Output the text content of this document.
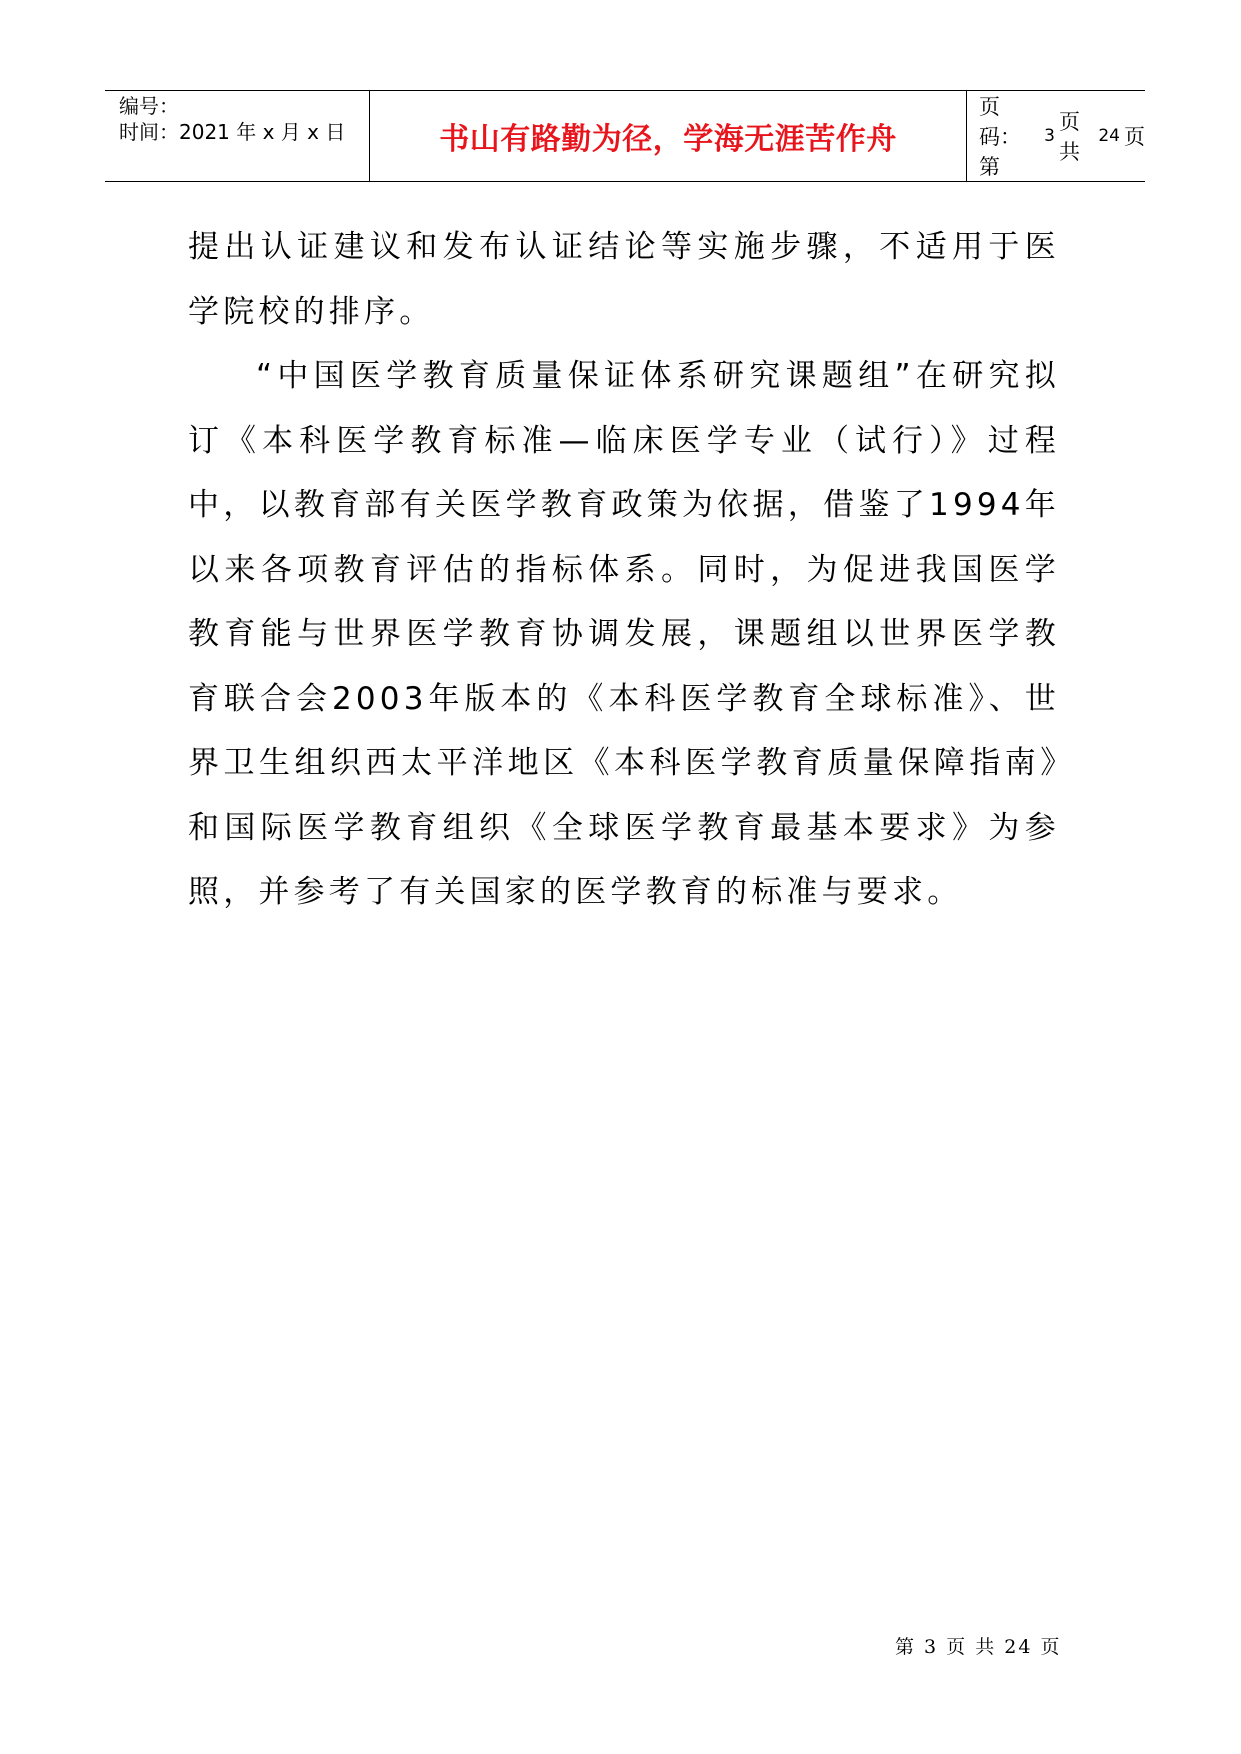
编号：
时间：2021 年 x 月 x 日	书山有路勤为径，学海无涯苦作舟
页码：第
3
页 共
24 页

提出认证建议和发布认证结论等实施步骤，不适用于医学院校的排序。

“中国医学教育质量保证体系研究课题组”在研究拟订《本科医学教育标准—临床医学专业（试行）》过程中，以教育部有关医学教育政策为依据，借鉴了1994年以来各项教育评估的指标体系。同时，为促进我国医学教育能与世界医学教育协调发展，课题组以世界医学教育联合会2003年版本的《本科医学教育全球标准》、世界卫生组织西太平洋地区《本科医学教育质量保障指南》和国际医学教育组织《全球医学教育最基本要求》为参照，并参考了有关国家的医学教育的标准与要求。

第 3 页 共 24 页
